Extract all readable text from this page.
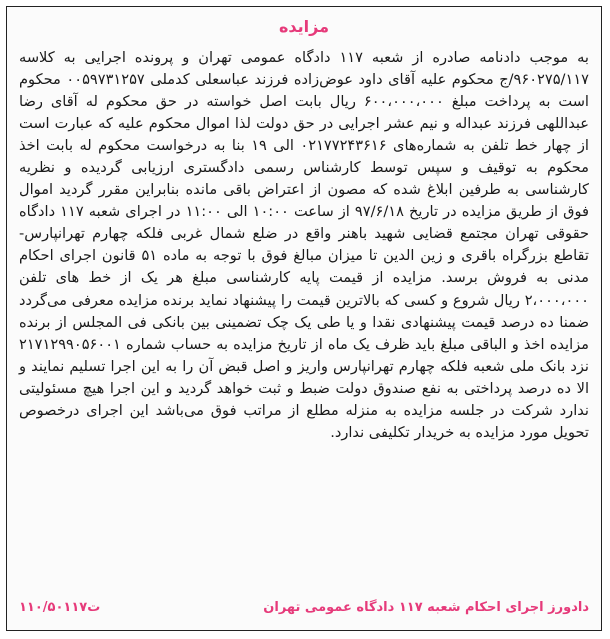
مزایده
به موجب دادنامه صادره از شعبه ۱۱۷ دادگاه عمومی تهران و پرونده اجرایی به کلاسه ۹۶۰۲۷۵/۱۱۷/ج محکوم علیه آقای داود عوض‌زاده فرزند عباسعلی کدملی ۰۰۵۹۷۳۱۲۵۷ محکوم است به پرداخت مبلغ ۶۰۰،۰۰۰،۰۰۰ ریال بابت اصل خواسته در حق محکوم له آقای رضا عبداللهی فرزند عبداله و نیم عشر اجرایی در حق دولت لذا اموال محکوم علیه که عبارت است از چهار خط تلفن به شماره‌های ۰۲۱۷۷۲۴۳۶۱۶ الی ۱۹ بنا به درخواست محکوم له بابت اخذ محکوم به توقیف و سپس توسط کارشناس رسمی دادگستری ارزیابی گردیده و نظریه کارشناسی به طرفین ابلاغ شده که مصون از اعتراض باقی مانده بنابراین مقرر گردید اموال فوق از طریق مزایده در تاریخ ۹۷/۶/۱۸ از ساعت ۱۰:۰۰ الی ۱۱:۰۰ در اجرای شعبه ۱۱۷ دادگاه حقوقی تهران مجتمع قضایی شهید باهنر واقع در ضلع شمال غربی فلکه چهارم تهرانپارس- تقاطع بزرگراه باقری و زین الدین تا میزان مبالغ فوق با توجه به ماده ۵۱ قانون اجرای احکام مدنی به فروش برسد. مزایده از قیمت پایه کارشناسی مبلغ هر یک از خط های تلفن ۲،۰۰۰،۰۰۰ ریال شروع و کسی که بالاترین قیمت را پیشنهاد نماید برنده مزایده معرفی می‌گردد ضمنا ده درصد قیمت پیشنهادی نقدا و یا طی یک چک تضمینی بین بانکی فی المجلس از برنده مزایده اخذ و الباقی مبلغ باید ظرف یک ماه از تاریخ مزایده به حساب شماره ۲۱۷۱۲۹۹۰۵۶۰۰۱ نزد بانک ملی شعبه فلکه چهارم تهرانپارس واریز و اصل قبض آن را به این اجرا تسلیم نمایند و الا ده درصد پرداختی به نفع صندوق دولت ضبط و ثبت خواهد گردید و این اجرا هیچ مسئولیتی ندارد شرکت در جلسه مزایده به منزله مطلع از مراتب فوق می‌باشد این اجرای درخصوص تحویل مورد مزایده به خریدار تکلیفی ندارد.
دادورز اجرای احکام شعبه ۱۱۷ دادگاه عمومی تهران
۱۱۰/۵۰۱۱۷ت
